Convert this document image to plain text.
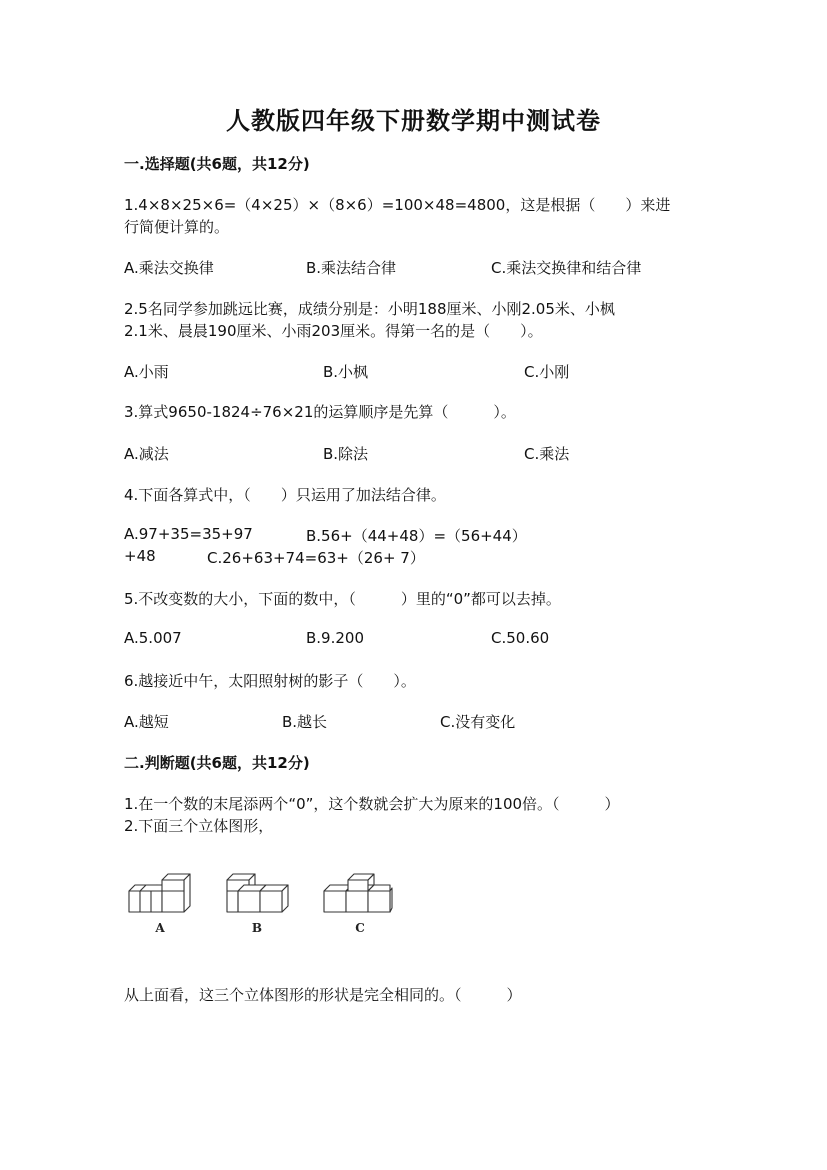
人教版四年级下册数学期中测试卷
一.选择题(共6题，共12分)
1.4×8×25×6=（4×25）×（8×6）=100×48=4800，这是根据（　　）来进
行简便计算的。
A.乘法交换律	B.乘法结合律	C.乘法交换律和结合律
2.5名同学参加跳远比赛，成绩分别是：小明188厘米、小刚2.05米、小枫
2.1米、晨晨190厘米、小雨203厘米。得第一名的是（　　）。
A.小雨	B.小枫	C.小刚
3.算式9650-1824÷76×21的运算顺序是先算（　　　）。
A.减法	B.除法	C.乘法
4.下面各算式中，（　　）只运用了加法结合律。
A.97+35=35+97	B.56+（44+48）=（56+44）
+48	C.26+63+74=63+（26+ 7）
5.不改变数的大小，下面的数中，（　　　）里的“0”都可以去掉。
A.5.007	B.9.200	C.50.60
6.越接近中午，太阳照射树的影子（　　）。
A.越短	B.越长	C.没有变化
二.判断题(共6题，共12分)
1.在一个数的末尾添两个“0”，这个数就会扩大为原来的100倍。（　　　）
2.下面三个立体图形，
A	B	C
从上面看，这三个立体图形的形状是完全相同的。（　　　）
